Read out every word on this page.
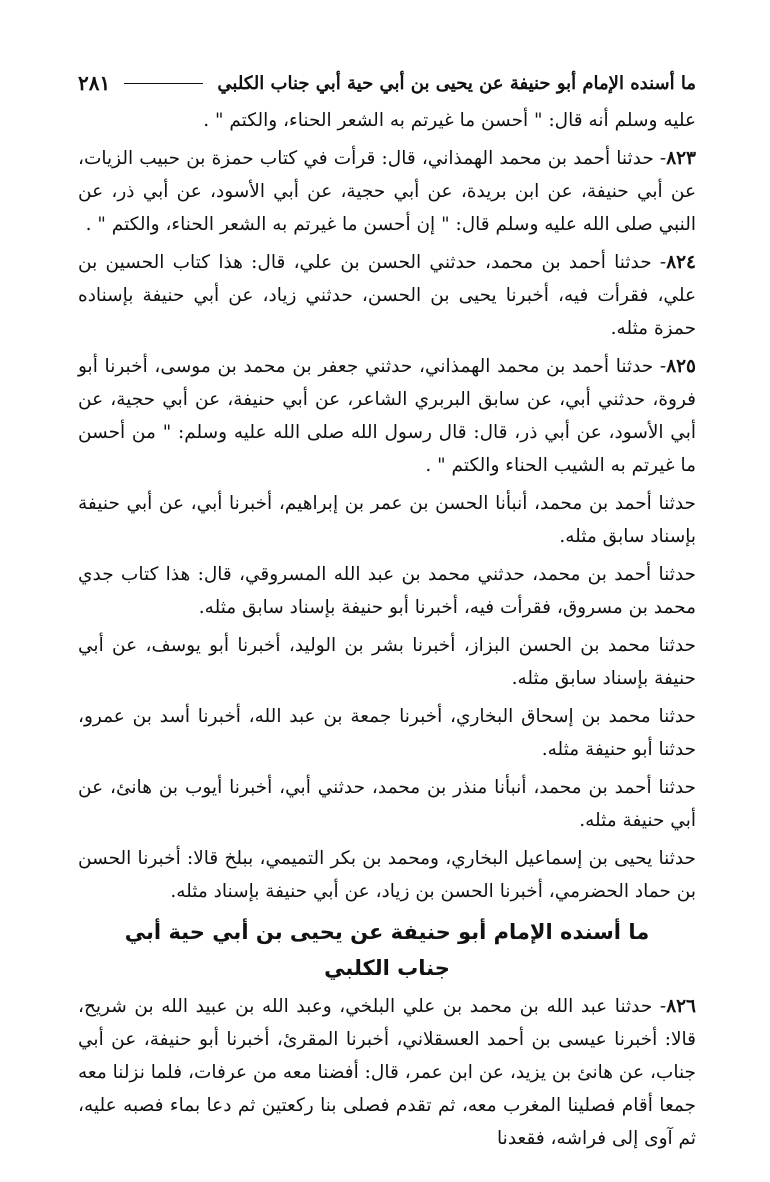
ما أسنده الإمام أبو حنيفة عن يحيى بن أبي حية أبي جناب الكلبي
٢٨١

عليه وسلم أنه قال: " أحسن ما غيرتم به الشعر الحناء، والكتم " .

٨٢٣- حدثنا أحمد بن محمد الهمذاني، قال: قرأت في كتاب حمزة بن حبيب الزيات، عن أبي حنيفة، عن ابن بريدة، عن أبي حجية، عن أبي الأسود، عن أبي ذر، عن النبي صلى الله عليه وسلم قال: " إن أحسن ما غيرتم به الشعر الحناء، والكتم " .

٨٢٤- حدثنا أحمد بن محمد، حدثني الحسن بن علي، قال: هذا كتاب الحسين بن علي، فقرأت فيه، أخبرنا يحيى بن الحسن، حدثني زياد، عن أبي حنيفة بإسناده حمزة مثله.

٨٢٥- حدثنا أحمد بن محمد الهمذاني، حدثني جعفر بن محمد بن موسى، أخبرنا أبو فروة، حدثني أبي، عن سابق البربري الشاعر، عن أبي حنيفة، عن أبي حجية، عن أبي الأسود، عن أبي ذر، قال: قال رسول الله صلى الله عليه وسلم: " من أحسن ما غيرتم به الشيب الحناء والكتم " .

حدثنا أحمد بن محمد، أنبأنا الحسن بن عمر بن إبراهيم، أخبرنا أبي، عن أبي حنيفة بإسناد سابق مثله.

حدثنا أحمد بن محمد، حدثني محمد بن عبد الله المسروقي، قال: هذا كتاب جدي محمد بن مسروق، فقرأت فيه، أخبرنا أبو حنيفة بإسناد سابق مثله.

حدثنا محمد بن الحسن البزاز، أخبرنا بشر بن الوليد، أخبرنا أبو يوسف، عن أبي حنيفة بإسناد سابق مثله.

حدثنا محمد بن إسحاق البخاري، أخبرنا جمعة بن عبد الله، أخبرنا أسد بن عمرو، حدثنا أبو حنيفة مثله.

حدثنا أحمد بن محمد، أنبأنا منذر بن محمد، حدثني أبي، أخبرنا أيوب بن هانئ، عن أبي حنيفة مثله.

حدثنا يحيى بن إسماعيل البخاري، ومحمد بن بكر التميمي، ببلخ قالا: أخبرنا الحسن بن حماد الحضرمي، أخبرنا الحسن بن زياد، عن أبي حنيفة بإسناد مثله.

ما أسنده الإمام أبو حنيفة عن يحيى بن أبي حية أبي جناب الكلبي

٨٢٦- حدثنا عبد الله بن محمد بن علي البلخي، وعبد الله بن عبيد الله بن شريح، قالا: أخبرنا عيسى بن أحمد العسقلاني، أخبرنا المقرئ، أخبرنا أبو حنيفة، عن أبي جناب، عن هانئ بن يزيد، عن ابن عمر، قال: أفضنا معه من عرفات، فلما نزلنا معه جمعا أقام فصلينا المغرب معه، ثم تقدم فصلى بنا ركعتين ثم دعا بماء فصبه عليه، ثم آوى إلى فراشه، فقعدنا
